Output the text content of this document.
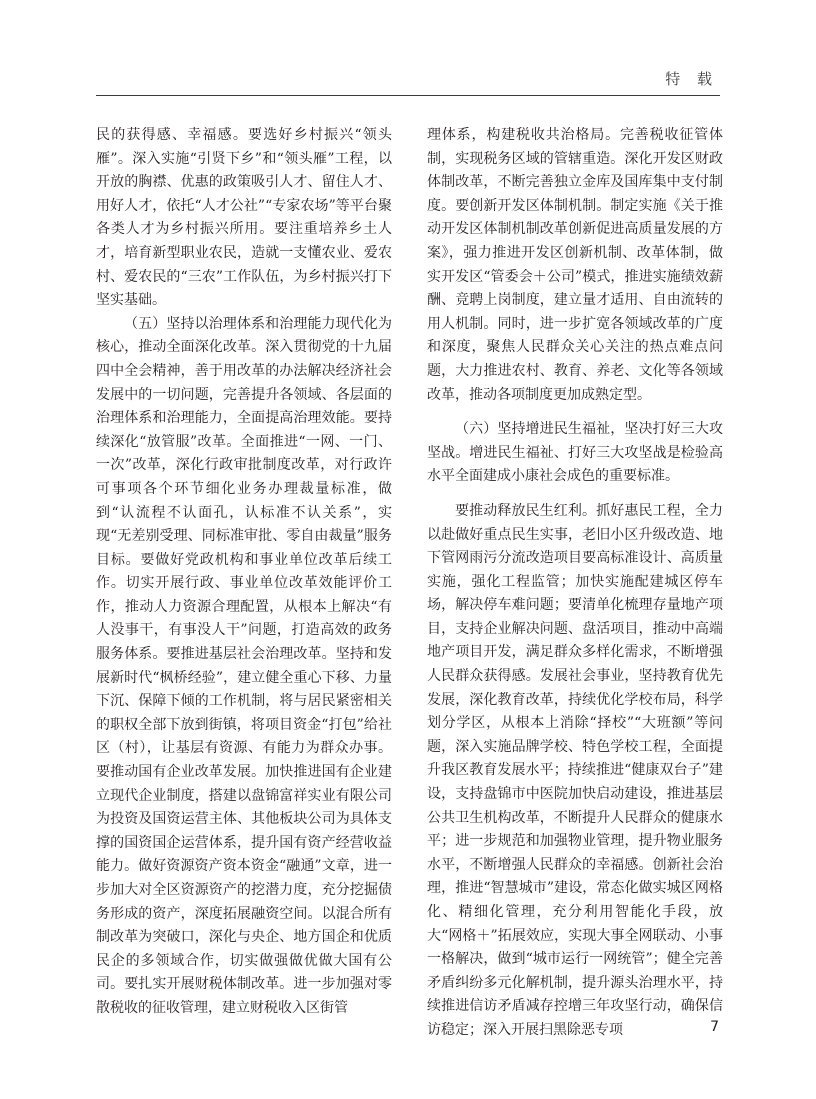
特 载

民的获得感、幸福感。要选好乡村振兴“领头雁”。深入实施“引贤下乡”和“领头雁”工程，以开放的胸襟、优惠的政策吸引人才、留住人才、用好人才，依托“人才公社”“专家农场”等平台聚各类人才为乡村振兴所用。要注重培养乡土人才，培育新型职业农民，造就一支懂农业、爱农村、爱农民的“三农”工作队伍，为乡村振兴打下坚实基础。

（五）坚持以治理体系和治理能力现代化为核心，推动全面深化改革。深入贯彻党的十九届四中全会精神，善于用改革的办法解决经济社会发展中的一切问题，完善提升各领域、各层面的治理体系和治理能力，全面提高治理效能。要持续深化“放管服”改革。全面推进“一网、一门、一次”改革，深化行政审批制度改革，对行政许可事项各个环节细化业务办理裁量标准，做到“认流程不认面孔，认标准不认关系”，实现“无差别受理、同标准审批、零自由裁量”服务目标。要做好党政机构和事业单位改革后续工作。切实开展行政、事业单位改革效能评价工作，推动人力资源合理配置，从根本上解决“有人没事干，有事没人干”问题，打造高效的政务服务体系。要推进基层社会治理改革。坚持和发展新时代“枫桥经验”，建立健全重心下移、力量下沉、保障下倾的工作机制，将与居民紧密相关的职权全部下放到街镇，将项目资金“打包”给社区（村），让基层有资源、有能力为群众办事。要推动国有企业改革发展。加快推进国有企业建立现代企业制度，搭建以盘锦富祥实业有限公司为投资及国资运营主体、其他板块公司为具体支撑的国资国企运营体系，提升国有资产经营收益能力。做好资源资产资本资金“融通”文章，进一步加大对全区资源资产的挖潜力度，充分挖掘债务形成的资产，深度拓展融资空间。以混合所有制改革为突破口，深化与央企、地方国企和优质民企的多领域合作，切实做强做优做大国有公司。要扎实开展财税体制改革。进一步加强对零散税收的征收管理，建立财税收入区街管

理体系，构建税收共治格局。完善税收征管体制，实现税务区域的管辖重造。深化开发区财政体制改革，不断完善独立金库及国库集中支付制度。要创新开发区体制机制。制定实施《关于推动开发区体制机制改革创新促进高质量发展的方案》，强力推进开发区创新机制、改革体制，做实开发区“管委会＋公司”模式，推进实施绩效薪酬、竞聘上岗制度，建立量才适用、自由流转的用人机制。同时，进一步扩宽各领域改革的广度和深度，聚焦人民群众关心关注的热点难点问题，大力推进农村、教育、养老、文化等各领域改革，推动各项制度更加成熟定型。

（六）坚持增进民生福祉，坚决打好三大攻坚战。增进民生福祉、打好三大攻坚战是检验高水平全面建成小康社会成色的重要标准。

要推动释放民生红利。抓好惠民工程，全力以赴做好重点民生实事，老旧小区升级改造、地下管网雨污分流改造项目要高标准设计、高质量实施，强化工程监管；加快实施配建城区停车场，解决停车难问题；要清单化梳理存量地产项目，支持企业解决问题、盘活项目，推动中高端地产项目开发，满足群众多样化需求，不断增强人民群众获得感。发展社会事业，坚持教育优先发展，深化教育改革，持续优化学校布局，科学划分学区，从根本上消除“择校”“大班额”等问题，深入实施品牌学校、特色学校工程，全面提升我区教育发展水平；持续推进“健康双台子”建设，支持盘锦市中医院加快启动建设，推进基层公共卫生机构改革，不断提升人民群众的健康水平；进一步规范和加强物业管理，提升物业服务水平，不断增强人民群众的幸福感。创新社会治理，推进“智慧城市”建设，常态化做实城区网格化、精细化管理，充分利用智能化手段，放大“网格＋”拓展效应，实现大事全网联动、小事一格解决，做到“城市运行一网统管”；健全完善矛盾纠纷多元化解机制，提升源头治理水平，持续推进信访矛盾减存控增三年攻坚行动，确保信访稳定；深入开展扫黑除恶专项	7
